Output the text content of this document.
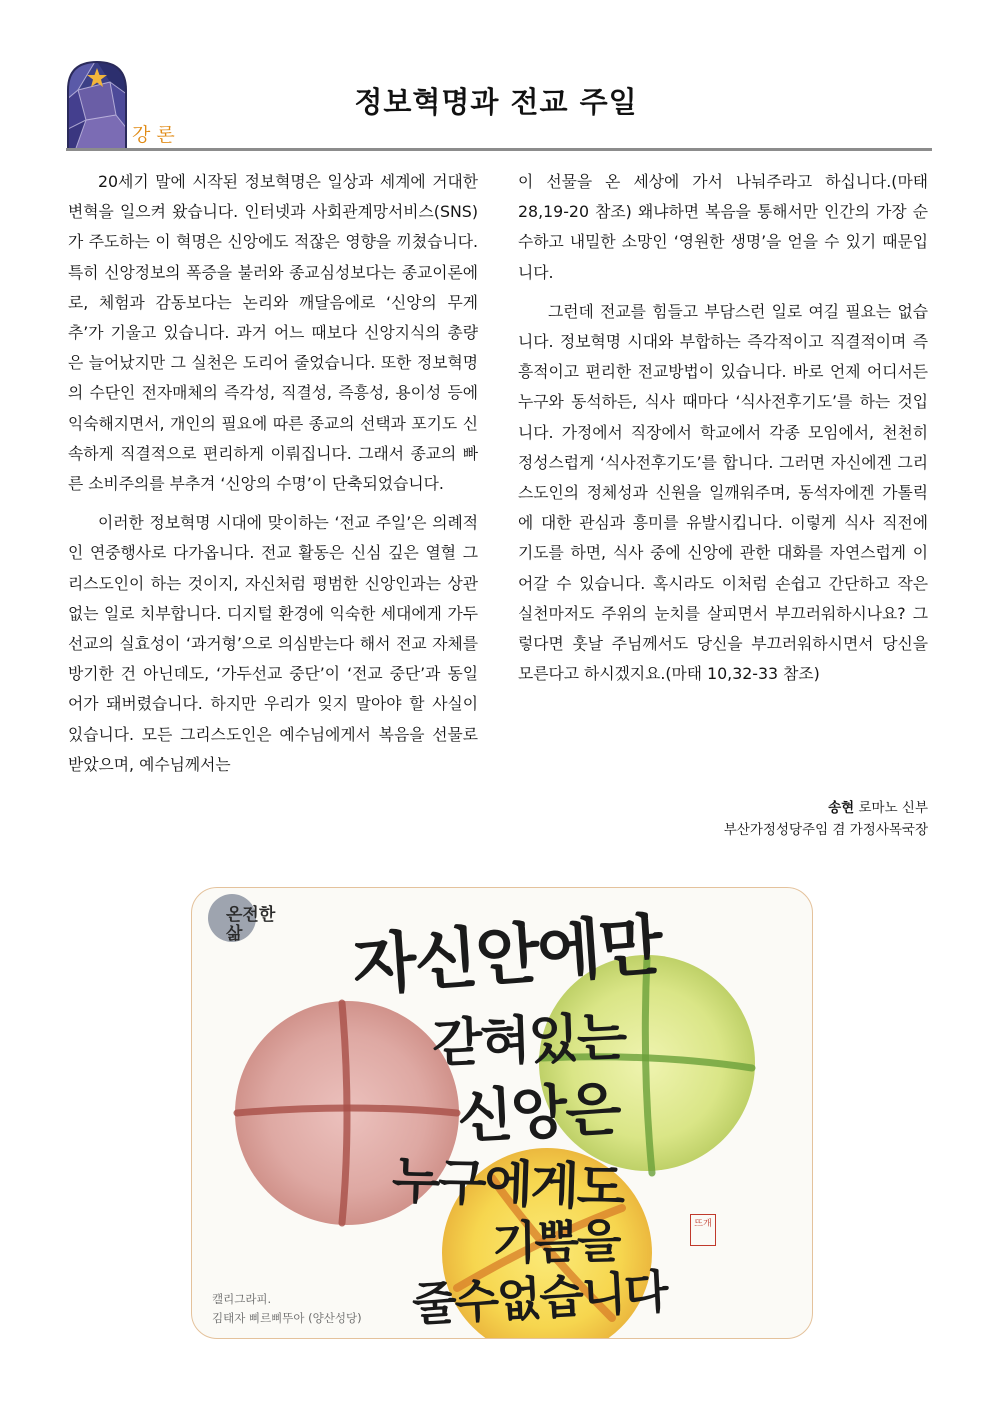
강론
정보혁명과 전교 주일

20세기 말에 시작된 정보혁명은 일상과 세계에 거대한 변혁을 일으켜 왔습니다. 인터넷과 사회관계망서비스(SNS)가 주도하는 이 혁명은 신앙에도 적잖은 영향을 끼쳤습니다. 특히 신앙정보의 폭증을 불러와 종교심성보다는 종교이론에로, 체험과 감동보다는 논리와 깨달음에로 ‘신앙의 무게추’가 기울고 있습니다. 과거 어느 때보다 신앙지식의 총량은 늘어났지만 그 실천은 도리어 줄었습니다. 또한 정보혁명의 수단인 전자매체의 즉각성, 직결성, 즉흥성, 용이성 등에 익숙해지면서, 개인의 필요에 따른 종교의 선택과 포기도 신속하게 직결적으로 편리하게 이뤄집니다. 그래서 종교의 빠른 소비주의를 부추겨 ‘신앙의 수명’이 단축되었습니다.

이러한 정보혁명 시대에 맞이하는 ‘전교 주일’은 의례적인 연중행사로 다가옵니다. 전교 활동은 신심 깊은 열혈 그리스도인이 하는 것이지, 자신처럼 평범한 신앙인과는 상관없는 일로 치부합니다. 디지털 환경에 익숙한 세대에게 가두선교의 실효성이 ‘과거형’으로 의심받는다 해서 전교 자체를 방기한 건 아닌데도, ‘가두선교 중단’이 ‘전교 중단’과 동일어가 돼버렸습니다. 하지만 우리가 잊지 말아야 할 사실이 있습니다. 모든 그리스도인은 예수님에게서 복음을 선물로 받았으며, 예수님께서는

이 선물을 온 세상에 가서 나눠주라고 하십니다.(마태 28,19-20 참조) 왜냐하면 복음을 통해서만 인간의 가장 순수하고 내밀한 소망인 ‘영원한 생명’을 얻을 수 있기 때문입니다.

그런데 전교를 힘들고 부담스런 일로 여길 필요는 없습니다. 정보혁명 시대와 부합하는 즉각적이고 직결적이며 즉흥적이고 편리한 전교방법이 있습니다. 바로 언제 어디서든 누구와 동석하든, 식사 때마다 ‘식사전후기도’를 하는 것입니다. 가정에서 직장에서 학교에서 각종 모임에서, 천천히 정성스럽게 ‘식사전후기도’를 합니다. 그러면 자신에겐 그리스도인의 정체성과 신원을 일깨워주며, 동석자에겐 가톨릭에 대한 관심과 흥미를 유발시킵니다. 이렇게 식사 직전에 기도를 하면, 식사 중에 신앙에 관한 대화를 자연스럽게 이어갈 수 있습니다. 혹시라도 이처럼 손쉽고 간단하고 작은 실천마저도 주위의 눈치를 살피면서 부끄러워하시나요? 그렇다면 훗날 주님께서도 당신을 부끄러워하시면서 당신을 모른다고 하시겠지요.(마태 10,32-33 참조)

송현 로마노 신부
부산가정성당주임 겸 가정사목국장
온전한삶	자신안에만
갇혀있는
신앙은
누구에게도
기쁨을
줄수없습니다
뜨개
캘리그라피.
김태자 삐르삐뚜아 (양산성당)
